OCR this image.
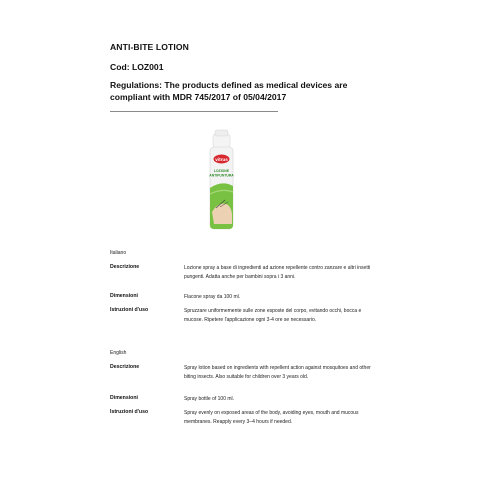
ANTI-BITE LOTION
Cod: LOZ001
Regulations: The products defined as medical devices are compliant with MDR 745/2017 of 05/04/2017
vitrus
LOZIONE
ANTIPUNTURA
Italiano
Descrizione	Lozione spray a base di ingredienti ad azione repellente contro zanzare e altri insetti pungenti. Adatta anche per bambini sopra i 3 anni.
Dimensioni	Flacone spray da 100 ml.
Istruzioni d'uso	Spruzzare uniformemente sulle zone esposte del corpo, evitando occhi, bocca e mucose. Ripetere l'applicazione ogni 3-4 ore se necessario.
English
Descrizione	Spray lotion based on ingredients with repellent action against mosquitoes and other biting insects. Also suitable for children over 3 years old.
Dimensioni	Spray bottle of 100 ml.
Istruzioni d'uso	Spray evenly on exposed areas of the body, avoiding eyes, mouth and mucous membranes. Reapply every 3–4 hours if needed.
